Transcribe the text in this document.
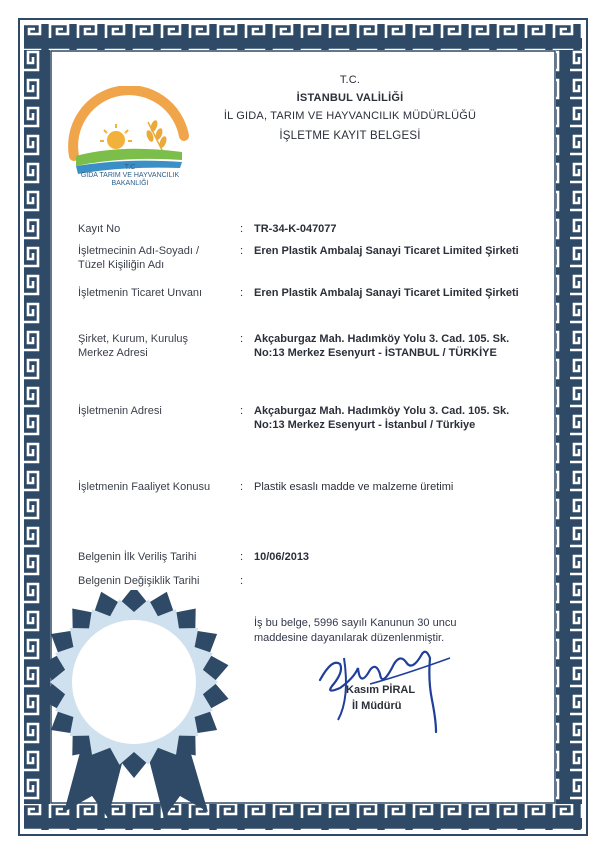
T.C
GIDA TARIM VE HAYVANCILIK
BAKANLIĞI
T.C.
İSTANBUL VALİLİĞİ
İL GIDA, TARIM VE HAYVANCILIK MÜDÜRLÜĞÜ
İŞLETME KAYIT BELGESİ
Kayıt No	: TR-34-K-047077
İşletmecinin Adı-Soyadı / Tüzel Kişiliğin Adı
: Eren Plastik Ambalaj Sanayi Ticaret Limited Şirketi
İşletmenin Ticaret Unvanı	: Eren Plastik Ambalaj Sanayi Ticaret Limited Şirketi
Şirket, Kurum, Kuruluş Merkez Adresi
: Akçaburgaz Mah. Hadımköy Yolu 3. Cad. 105. Sk. No:13 Merkez Esenyurt - İSTANBUL / TÜRKİYE
İşletmenin Adresi	: Akçaburgaz Mah. Hadımköy Yolu 3. Cad. 105. Sk. No:13 Merkez Esenyurt - İstanbul / Türkiye
İşletmenin Faaliyet Konusu	: Plastik esaslı madde ve malzeme üretimi
Belgenin İlk Veriliş Tarihi	: 10/06/2013
Belgenin Değişiklik Tarihi	:
İş bu belge, 5996 sayılı Kanunun 30 uncu maddesine dayanılarak düzenlenmiştir.
Kasım PİRAL
İl Müdürü
